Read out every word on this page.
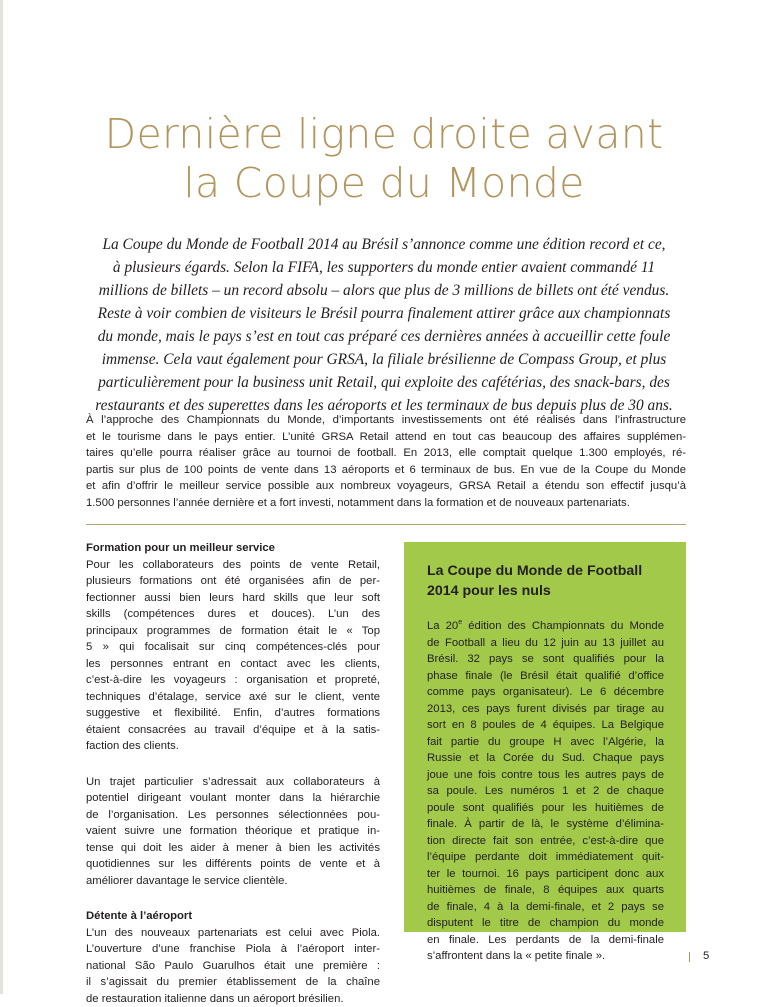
Dernière ligne droite avant
la Coupe du Monde

La Coupe du Monde de Football 2014 au Brésil s’annonce comme une édition record et ce,
à plusieurs égards. Selon la FIFA, les supporters du monde entier avaient commandé 11
millions de billets – un record absolu – alors que plus de 3 millions de billets ont été vendus.
Reste à voir combien de visiteurs le Brésil pourra finalement attirer grâce aux championnats
du monde, mais le pays s’est en tout cas préparé ces dernières années à accueillir cette foule
immense. Cela vaut également pour GRSA, la filiale brésilienne de Compass Group, et plus
particulièrement pour la business unit Retail, qui exploite des cafétérias, des snack-bars, des
restaurants et des superettes dans les aéroports et les terminaux de bus depuis plus de 30 ans.

À l’approche des Championnats du Monde, d’importants investissements ont été réalisés dans l’infrastructure
et le tourisme dans le pays entier. L’unité GRSA Retail attend en tout cas beaucoup des affaires supplémen-
taires qu’elle pourra réaliser grâce au tournoi de football. En 2013, elle comptait quelque 1.300 employés, ré-
partis sur plus de 100 points de vente dans 13 aéroports et 6 terminaux de bus. En vue de la Coupe du Monde
et afin d’offrir le meilleur service possible aux nombreux voyageurs, GRSA Retail a étendu son effectif jusqu’à
1.500 personnes l’année dernière et a fort investi, notamment dans la formation et de nouveaux partenariats.

Formation pour un meilleur service

Pour les collaborateurs des points de vente Retail,
plusieurs formations ont été organisées afin de per-
fectionner aussi bien leurs hard skills que leur soft
skills (compétences dures et douces). L’un des
principaux programmes de formation était le « Top
5 » qui focalisait sur cinq compétences-clés pour
les personnes entrant en contact avec les clients,
c’est-à-dire les voyageurs : organisation et propreté,
techniques d’étalage, service axé sur le client, vente
suggestive et flexibilité. Enfin, d’autres formations
étaient consacrées au travail d’équipe et à la satis-
faction des clients.

Un trajet particulier s’adressait aux collaborateurs à
potentiel dirigeant voulant monter dans la hiérarchie
de l’organisation. Les personnes sélectionnées pou-
vaient suivre une formation théorique et pratique in-
tense qui doit les aider à mener à bien les activités
quotidiennes sur les différents points de vente et à
améliorer davantage le service clientèle.

Détente à l’aéroport

L’un des nouveaux partenariats est celui avec Piola.
L’ouverture d’une franchise Piola à l’aéroport inter-
national São Paulo Guarulhos était une première :
il s’agissait du premier établissement de la chaîne
de restauration italienne dans un aéroport brésilien.

La Coupe du Monde de Football
2014 pour les nuls

La 20e édition des Championnats du Monde
de Football a lieu du 12 juin au 13 juillet au
Brésil. 32 pays se sont qualifiés pour la
phase finale (le Brésil était qualifié d’office
comme pays organisateur). Le 6 décembre
2013, ces pays furent divisés par tirage au
sort en 8 poules de 4 équipes. La Belgique
fait partie du groupe H avec l’Algérie, la
Russie et la Corée du Sud. Chaque pays
joue une fois contre tous les autres pays de
sa poule. Les numéros 1 et 2 de chaque
poule sont qualifiés pour les huitièmes de
finale. À partir de là, le système d’élimina-
tion directe fait son entrée, c’est-à-dire que
l’équipe perdante doit immédiatement quit-
ter le tournoi. 16 pays participent donc aux
huitièmes de finale, 8 équipes aux quarts
de finale, 4 à la demi-finale, et 2 pays se
disputent le titre de champion du monde
en finale. Les perdants de la demi-finale
s’affrontent dans la « petite finale ».	5
